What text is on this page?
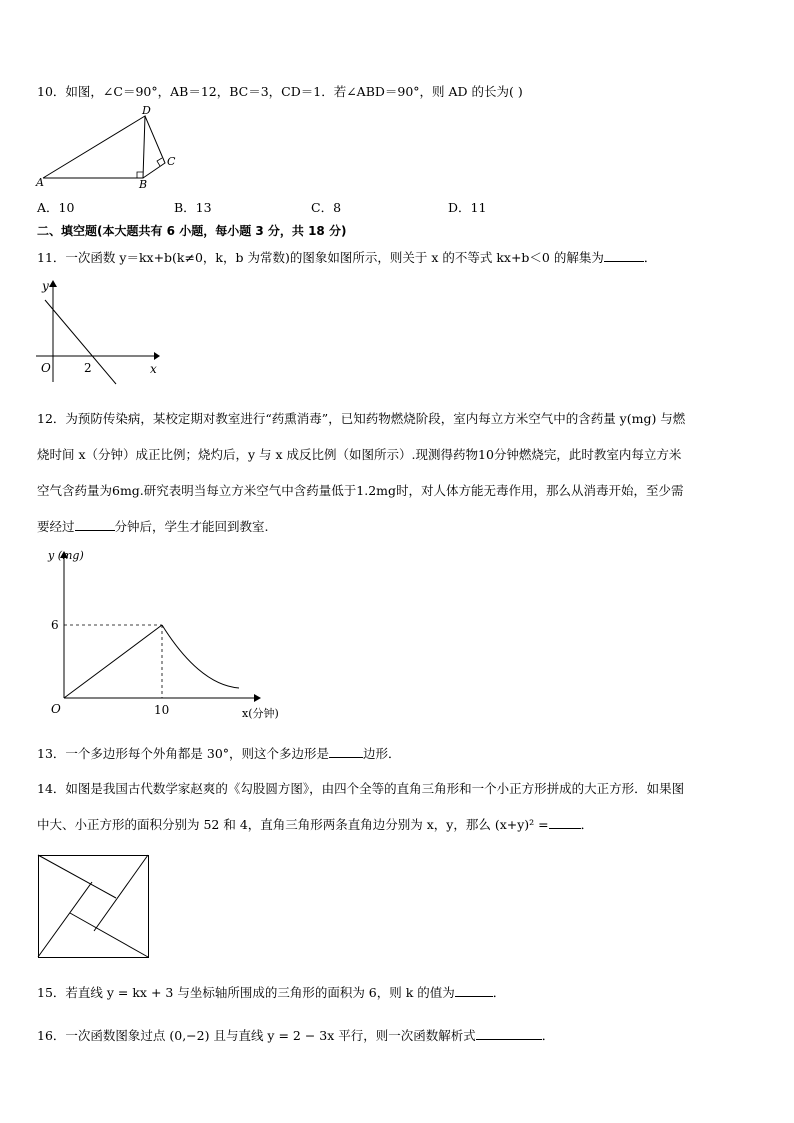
10．如图，∠C＝90°，AB＝12，BC＝3，CD＝1．若∠ABD＝90°，则 AD 的长为( )
A	B
C
D
A．10	B．13	C．8	D．11
二、填空题(本大题共有 6 小题，每小题 3 分，共 18 分)
11．一次函数 y＝kx+b(k≠0，k，b 为常数)的图象如图所示，则关于 x 的不等式 kx+b＜0 的解集为	．
y
x
O	2
12．为预防传染病，某校定期对教室进行“药熏消毒”，已知药物燃烧阶段，室内每立方米空气中的含药量 y(mg) 与燃
烧时间 x（分钟）成正比例；烧灼后，y 与 x 成反比例（如图所示）.现测得药物10分钟燃烧完，此时教室内每立方米
空气含药量为6mg.研究表明当每立方米空气中含药量低于1.2mg时，对人体方能无毒作用，那么从消毒开始，至少需
要经过	分钟后，学生才能回到教室.
y (mg)
x(分钟)
O
6
10
13．一个多边形每个外角都是 30°，则这个多边形是	边形．
14．如图是我国古代数学家赵爽的《勾股圆方图》，由四个全等的直角三角形和一个小正方形拼成的大正方形．如果图
中大、小正方形的面积分别为 52 和 4，直角三角形两条直角边分别为 x，y，那么 (x+y)² =	．
15．若直线 y = kx + 3 与坐标轴所围成的三角形的面积为 6，则 k 的值为	．
16．一次函数图象过点 (0,−2) 且与直线 y = 2 − 3x 平行，则一次函数解析式	．
